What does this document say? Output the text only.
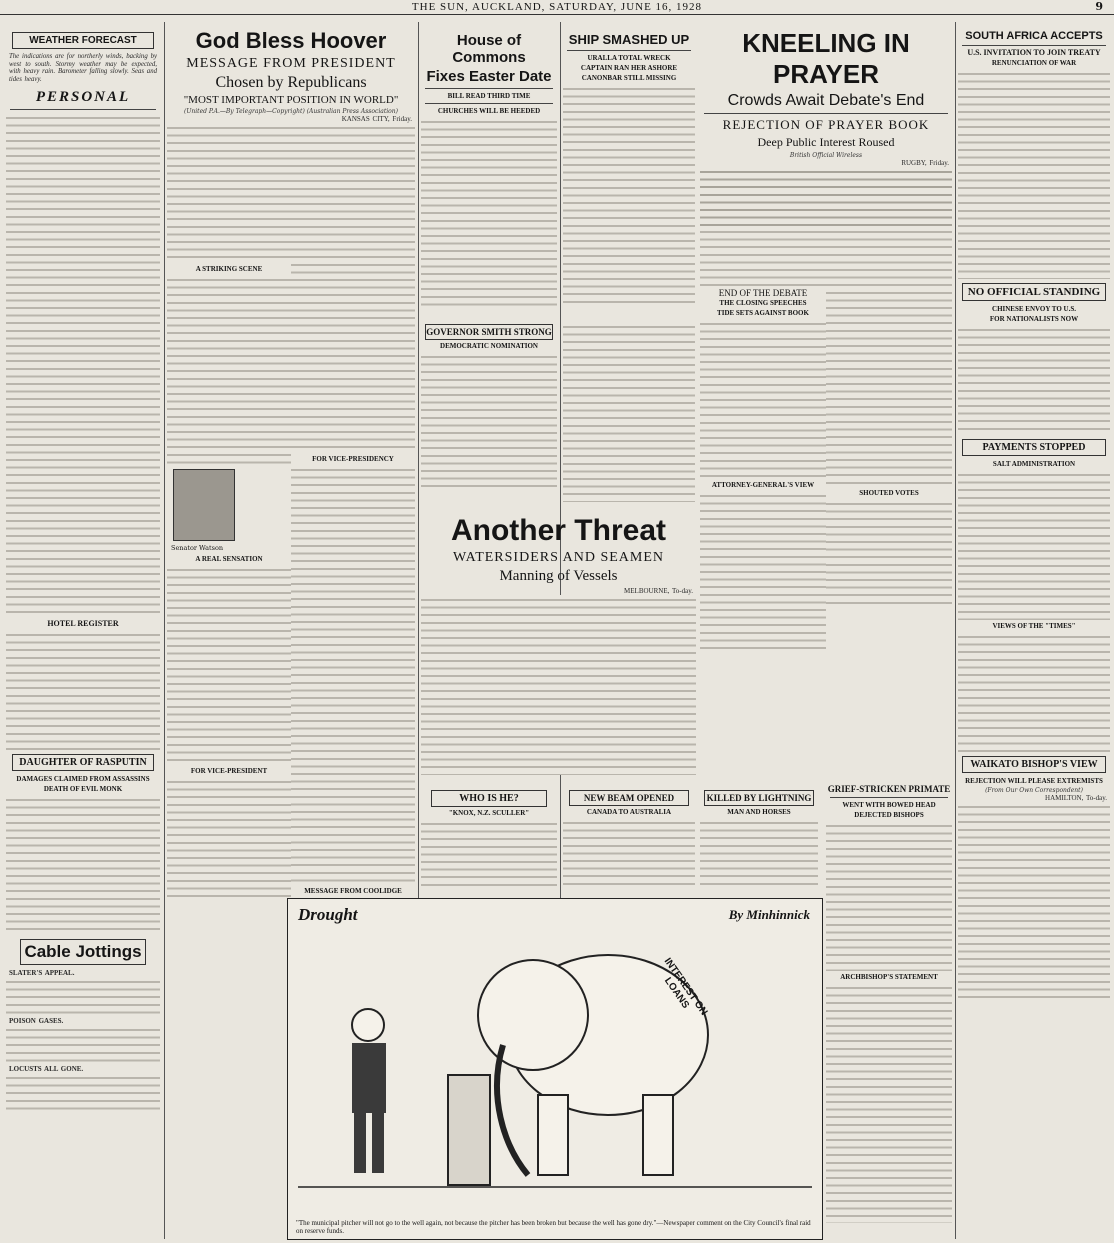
THE SUN, AUCKLAND, SATURDAY, JUNE 16, 1928	9
WEATHER FORECAST

The indications are for northerly winds, backing by west to south. Stormy weather may be expected, with heavy rain. Barometer falling slowly. Seas and tides heavy.

PERSONAL

HOTEL REGISTER

DAUGHTER OF RASPUTIN
DAMAGES CLAIMED FROM ASSASSINS
DEATH OF EVIL MONK

Cable Jottings
SLATER'S APPEAL.

POISON GASES.

LOCUSTS ALL GONE.

God Bless Hoover
MESSAGE FROM PRESIDENT
Chosen by Republicans
"MOST IMPORTANT POSITION IN WORLD"
(United P.A.—By Telegraph—Copyright) (Australian Press Association)
KANSAS CITY, Friday.

A STRIKING SCENE

Senator Watson
A REAL SENSATION

FOR VICE-PRESIDENT

FOR VICE-PRESIDENCY

MESSAGE FROM COOLIDGE

House of Commons
Fixes Easter Date
BILL READ THIRD TIME
CHURCHES WILL BE HEEDED

SHIP SMASHED UP
URALLA TOTAL WRECK
CAPTAIN RAN HER ASHORE
CANONBAR STILL MISSING

Another Threat
WATERSIDERS AND SEAMEN
Manning of Vessels
MELBOURNE, To-day.

GOVERNOR SMITH STRONG
DEMOCRATIC NOMINATION

WHO IS HE?
"KNOX, N.Z. SCULLER"

NEW BEAM OPENED
CANADA TO AUSTRALIA

KILLED BY LIGHTNING
MAN AND HORSES

KNEELING IN PRAYER
Crowds Await Debate's End
REJECTION OF PRAYER BOOK
Deep Public Interest Roused
British Official Wireless
RUGBY, Friday.

END OF THE DEBATE
THE CLOSING SPEECHES
TIDE SETS AGAINST BOOK

ATTORNEY-GENERAL'S VIEW

SHOUTED VOTES

GRIEF-STRICKEN PRIMATE
WENT WITH BOWED HEAD
DEJECTED BISHOPS

ARCHBISHOP'S STATEMENT

SOUTH AFRICA ACCEPTS
U.S. INVITATION TO JOIN TREATY
RENUNCIATION OF WAR

NO OFFICIAL STANDING
CHINESE ENVOY TO U.S.
FOR NATIONALISTS NOW

PAYMENTS STOPPED
SALT ADMINISTRATION

VIEWS OF THE "TIMES"

WAIKATO BISHOP'S VIEW
REJECTION WILL PLEASE EXTREMISTS
(From Our Own Correspondent)
HAMILTON, To-day.

Drought	By Minhinnick
INTEREST ON LOANS
"The municipal pitcher will not go to the well again, not because the pitcher has been broken but because the well has gone dry."—Newspaper comment on the City Council's final raid on reserve funds.
